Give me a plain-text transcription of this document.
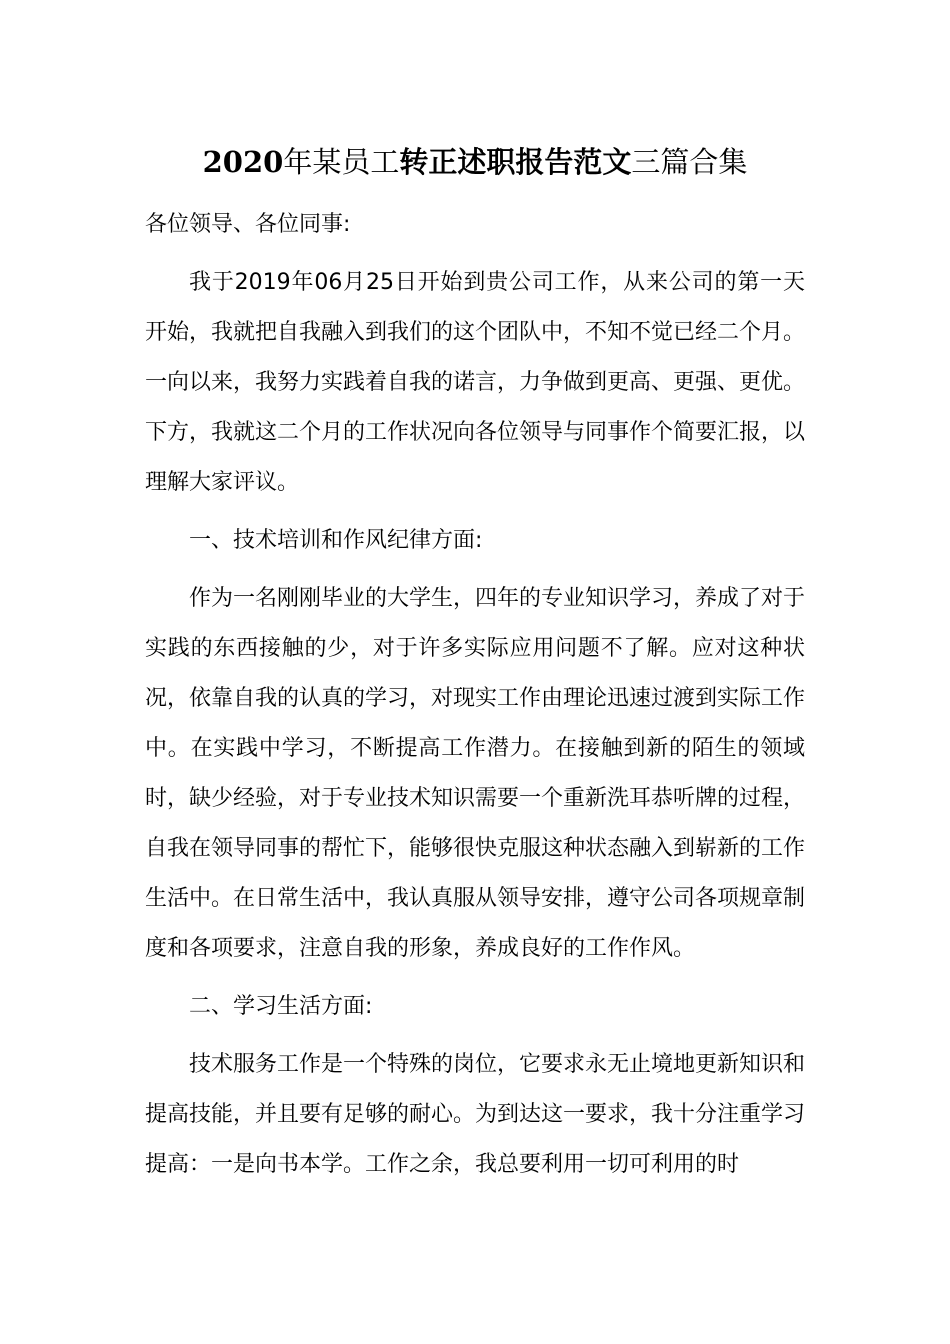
2020年某员工转正述职报告范文三篇合集

各位领导、各位同事:

我于2019年06月25日开始到贵公司工作，从来公司的第一天开始，我就把自我融入到我们的这个团队中，不知不觉已经二个月。一向以来，我努力实践着自我的诺言，力争做到更高、更强、更优。下方，我就这二个月的工作状况向各位领导与同事作个简要汇报，以理解大家评议。

一、技术培训和作风纪律方面:

作为一名刚刚毕业的大学生，四年的专业知识学习，养成了对于实践的东西接触的少，对于许多实际应用问题不了解。应对这种状况，依靠自我的认真的学习，对现实工作由理论迅速过渡到实际工作中。在实践中学习，不断提高工作潜力。在接触到新的陌生的领域时，缺少经验，对于专业技术知识需要一个重新洗耳恭听牌的过程，自我在领导同事的帮忙下，能够很快克服这种状态融入到崭新的工作生活中。在日常生活中，我认真服从领导安排，遵守公司各项规章制度和各项要求，注意自我的形象，养成良好的工作作风。

二、学习生活方面:

技术服务工作是一个特殊的岗位，它要求永无止境地更新知识和提高技能，并且要有足够的耐心。为到达这一要求，我十分注重学习提高：一是向书本学。工作之余，我总要利用一切可利用的时
